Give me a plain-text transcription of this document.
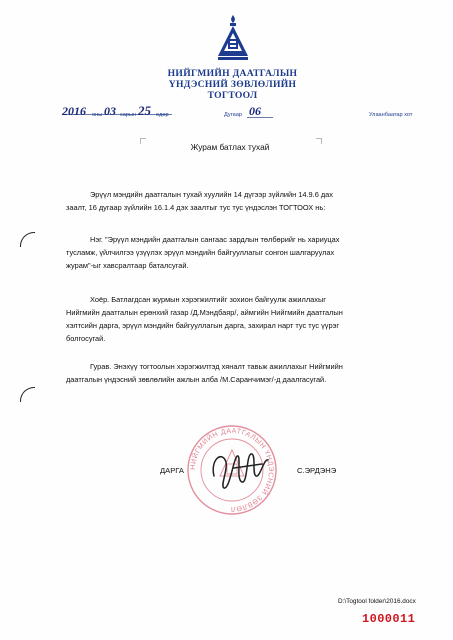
НИЙГМИЙН ДААТГАЛЫН
ҮНДЭСНИЙ ЗӨВЛӨЛИЙН
ТОГТООЛ
2016 оны 03 сарын 25 өдөр	Дугаар 06	Улаанбаатар хот
Журам батлах тухай
Эрүүл мэндийн даатгалын тухай хуулийн 14 дүгээр зүйлийн 14.9.6 дах
заалт, 16 дугаар зүйлийн 16.1.4 дэх заалтыг тус тус үндэслэн ТОГТООХ нь:
Нэг. "Эрүүл мэндийн даатгалын сангаас зардлын төлбөрийг нь хариуцах
тусламж, үйлчилгээ үзүүлэх эрүүл мэндийн байгууллагыг сонгон шалгаруулах
журам"-ыг хавсралтаар баталсугай.
Хоёр. Батлагдсан журмын хэрэгжилтийг зохион байгуулж ажиллахыг
Нийгмийн даатгалын ерөнхий газар /Д.Мэндбаяр/, аймгийн Нийгмийн даатгалын
хэлтсийн дарга, эрүүл мэндийн байгууллагын дарга, захирал нарт тус тус үүрэг
болгосугай.
Гурав. Энэхүү тогтоолын хэрэгжилтэд хяналт тавьж ажиллахыг Нийгмийн
даатгалын үндэсний зөвлөлийн ажлын алба /М.Саранчимэг/-д даалгасугай.
НИЙГМИЙН ДААТГАЛЫН ҮНДЭСНИЙ ЗӨВЛӨЛ
ДАРГА	С.ЭРДЭНЭ
D:\Togtool folder\2016.docx
1000011
